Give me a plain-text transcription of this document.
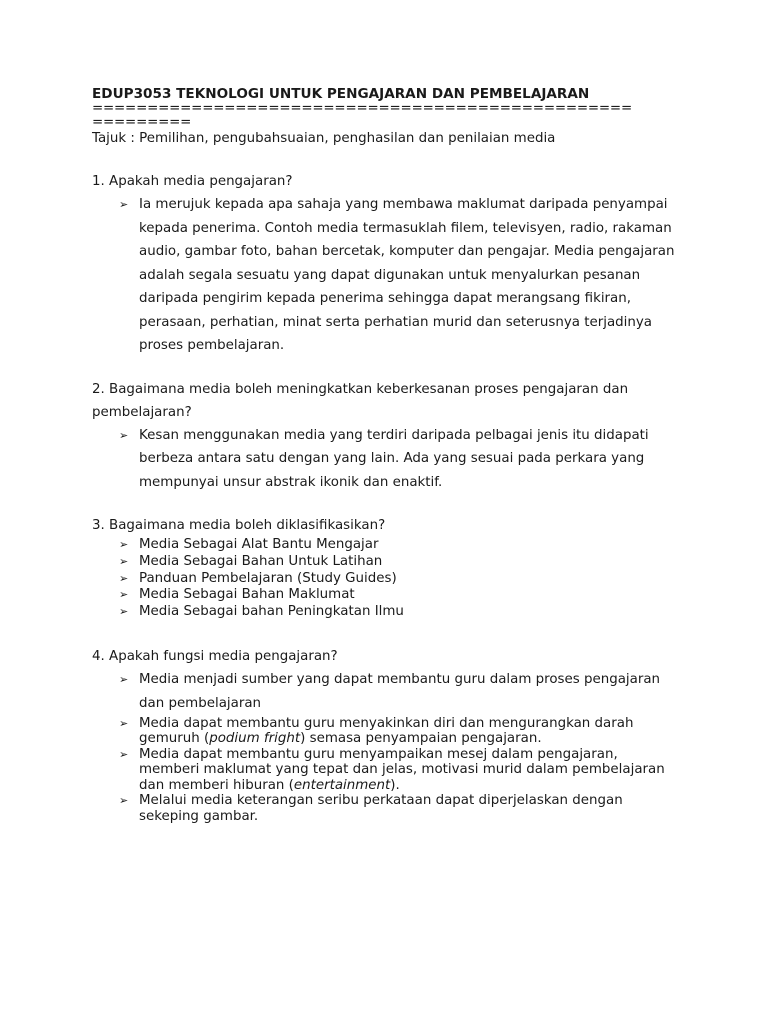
EDUP3053 TEKNOLOGI UNTUK PENGAJARAN DAN PEMBELAJARAN
=================================================
=========
Tajuk : Pemilihan, pengubahsuaian, penghasilan dan penilaian media
1. Apakah media pengajaran?
➢ Ia merujuk kepada apa sahaja yang membawa maklumat daripada penyampai kepada penerima. Contoh media termasuklah filem, televisyen, radio, rakaman audio, gambar foto, bahan bercetak, komputer dan pengajar. Media pengajaran adalah segala sesuatu yang dapat digunakan untuk menyalurkan pesanan daripada pengirim kepada penerima sehingga dapat merangsang fikiran, perasaan, perhatian, minat serta perhatian murid dan seterusnya terjadinya proses pembelajaran.
2. Bagaimana media boleh meningkatkan keberkesanan proses pengajaran dan pembelajaran?
➢ Kesan menggunakan media yang terdiri daripada pelbagai jenis itu didapati berbeza antara satu dengan yang lain. Ada yang sesuai pada perkara yang mempunyai unsur abstrak ikonik dan enaktif.
3. Bagaimana media boleh diklasifikasikan?
➢ Media Sebagai Alat Bantu Mengajar
➢ Media Sebagai Bahan Untuk Latihan
➢ Panduan Pembelajaran (Study Guides)
➢ Media Sebagai Bahan Maklumat
➢ Media Sebagai bahan Peningkatan Ilmu
4. Apakah fungsi media pengajaran?
➢ Media menjadi sumber yang dapat membantu guru dalam proses pengajaran dan pembelajaran
➢ Media dapat membantu guru menyakinkan diri dan mengurangkan darah gemuruh (podium fright) semasa penyampaian pengajaran.
➢ Media dapat membantu guru menyampaikan mesej dalam pengajaran, memberi maklumat yang tepat dan jelas, motivasi murid dalam pembelajaran dan memberi hiburan (entertainment).
➢ Melalui media keterangan seribu perkataan dapat diperjelaskan dengan sekeping gambar.
